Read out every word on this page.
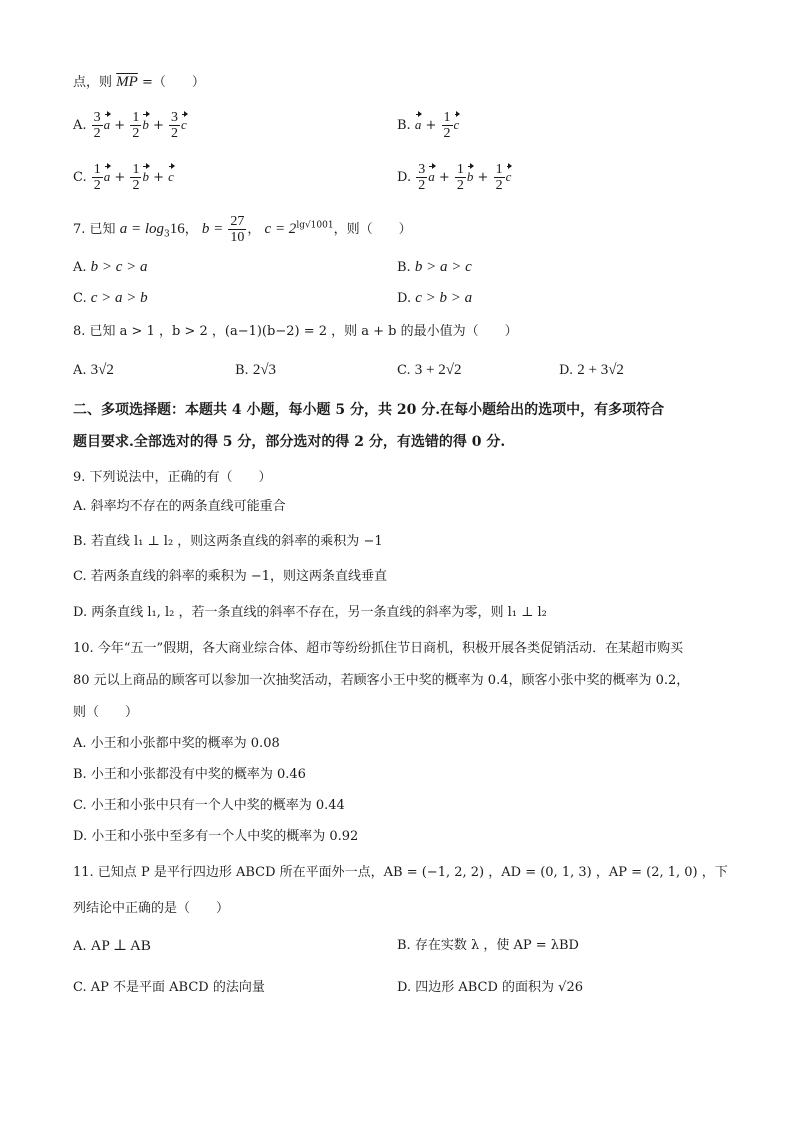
点，则 $\overline{MP}$ =（　　）
A. $\frac{3}{2}$ $a + \frac{1}{2}$ $b + \frac{3}{2}$ c	B. $a + \frac{1}{2}$ c
C. $\frac{1}{2}$ $a + \frac{1}{2}$ b + c	D. $\frac{3}{2}$ $a + \frac{1}{2}$ $b + \frac{1}{2}$ c
7. 已知 $a = \log_316$， $b = \frac{27}{10}$ ， $c = 2^{lg√1001}$，则（　　）
A. b > c > a	B. b > a > c
C. c > a > b	D. c > b > a
8. 已知 a > 1 ，b > 2 ，(a−1)(b−2) = 2 ，则 a + b 的最小值为（　　）
A. 3√2	B. 2√3	C. 3 + 2√2	D. 2 + 3√2
二、多项选择题：本题共 4 小题，每小题 5 分，共 20 分.在每小题给出的选项中，有多项符合
题目要求.全部选对的得 5 分，部分选对的得 2 分，有选错的得 0 分.
9. 下列说法中，正确的有（　　）
A. 斜率均不存在的两条直线可能重合
B. 若直线 l₁ ⊥ l₂ ，则这两条直线的斜率的乘积为 −1
C. 若两条直线的斜率的乘积为 −1，则这两条直线垂直
D. 两条直线 l₁, l₂ ，若一条直线的斜率不存在，另一条直线的斜率为零，则 l₁ ⊥ l₂
10. 今年“五一”假期，各大商业综合体、超市等纷纷抓住节日商机，积极开展各类促销活动．在某超市购买
80 元以上商品的顾客可以参加一次抽奖活动，若顾客小王中奖的概率为 0.4，顾客小张中奖的概率为 0.2，
则（　　）
A. 小王和小张都中奖的概率为 0.08
B. 小王和小张都没有中奖的概率为 0.46
C. 小王和小张中只有一个人中奖的概率为 0.44
D. 小王和小张中至多有一个人中奖的概率为 0.92
11. 已知点 P 是平行四边形 ABCD 所在平面外一点，AB = (−1, 2, 2) ，AD = (0, 1, 3) ，AP = (2, 1, 0) ，下
列结论中正确的是（　　）
A. AP ⊥ AB	B. 存在实数 λ ，使 AP = λBD
C. AP 不是平面 ABCD 的法向量	D. 四边形 ABCD 的面积为 √26
